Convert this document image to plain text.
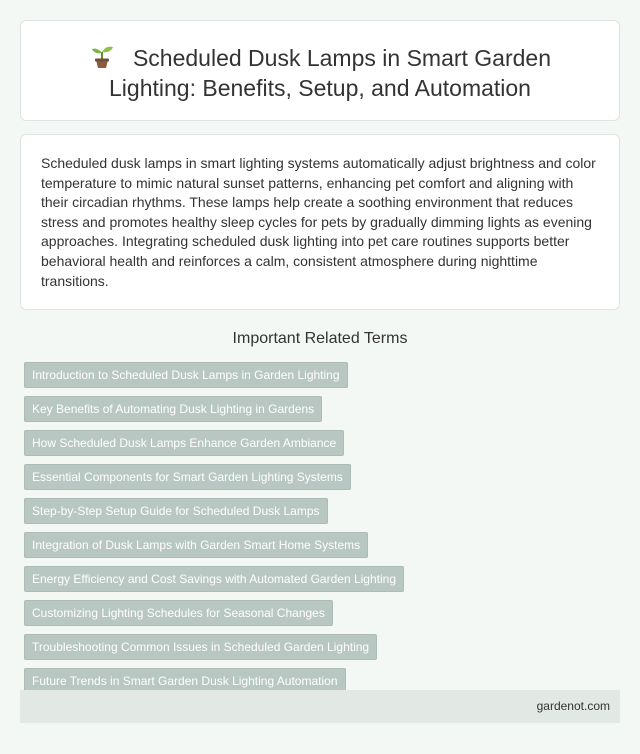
Scheduled Dusk Lamps in Smart Garden Lighting: Benefits, Setup, and Automation

Scheduled dusk lamps in smart lighting systems automatically adjust brightness and color temperature to mimic natural sunset patterns, enhancing pet comfort and aligning with their circadian rhythms. These lamps help create a soothing environment that reduces stress and promotes healthy sleep cycles for pets by gradually dimming lights as evening approaches. Integrating scheduled dusk lighting into pet care routines supports better behavioral health and reinforces a calm, consistent atmosphere during nighttime transitions.

Important Related Terms
Introduction to Scheduled Dusk Lamps in Garden Lighting
Key Benefits of Automating Dusk Lighting in Gardens
How Scheduled Dusk Lamps Enhance Garden Ambiance
Essential Components for Smart Garden Lighting Systems
Step-by-Step Setup Guide for Scheduled Dusk Lamps
Integration of Dusk Lamps with Garden Smart Home Systems
Energy Efficiency and Cost Savings with Automated Garden Lighting
Customizing Lighting Schedules for Seasonal Changes
Troubleshooting Common Issues in Scheduled Garden Lighting
Future Trends in Smart Garden Dusk Lighting Automation
gardenot.com
